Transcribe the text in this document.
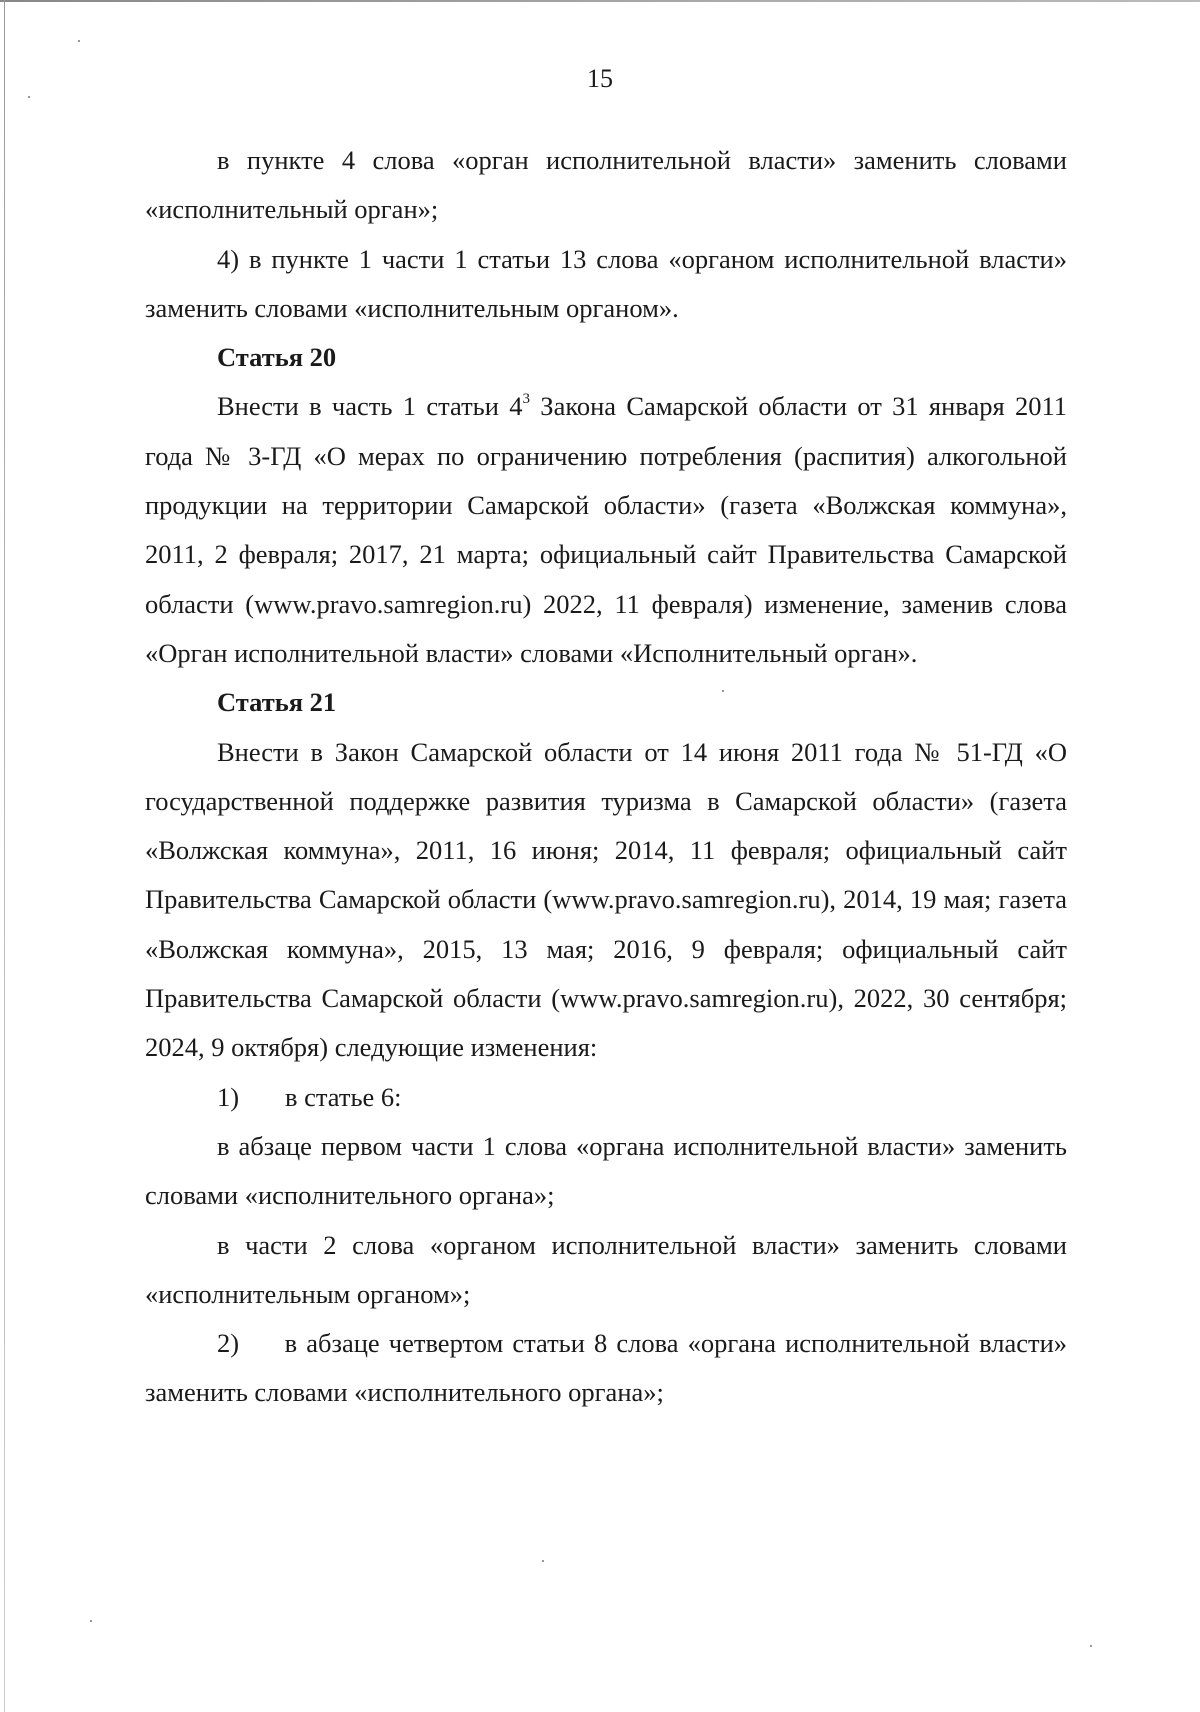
15

в пункте 4 слова «орган исполнительной власти» заменить словами «исполнительный орган»;

4) в пункте 1 части 1 статьи 13 слова «органом исполнительной власти» заменить словами «исполнительным органом».

Статья 20

Внести в часть 1 статьи $4^3$ Закона Самарской области от 31 января 2011 года № 3-ГД «О мерах по ограничению потребления (распития) алкогольной продукции на территории Самарской области» (газета «Волжская коммуна», 2011, 2 февраля; 2017, 21 марта; официальный сайт Правительства Самарской области (www.pravo.samregion.ru) 2022, 11 февраля) изменение, заменив слова «Орган исполнительной власти» словами «Исполнительный орган».

Статья 21

Внести в Закон Самарской области от 14 июня 2011 года № 51-ГД «О государственной поддержке развития туризма в Самарской области» (газета «Волжская коммуна», 2011, 16 июня; 2014, 11 февраля; официальный сайт Правительства Самарской области (www.pravo.samregion.ru), 2014, 19 мая; газета «Волжская коммуна», 2015, 13 мая; 2016, 9 февраля; официальный сайт Правительства Самарской области (www.pravo.samregion.ru), 2022, 30 сентября; 2024, 9 октября) следующие изменения:

1) в статье 6:

в абзаце первом части 1 слова «органа исполнительной власти» заменить словами «исполнительного органа»;

в части 2 слова «органом исполнительной власти» заменить словами «исполнительным органом»;

2) в абзаце четвертом статьи 8 слова «органа исполнительной власти» заменить словами «исполнительного органа»;
